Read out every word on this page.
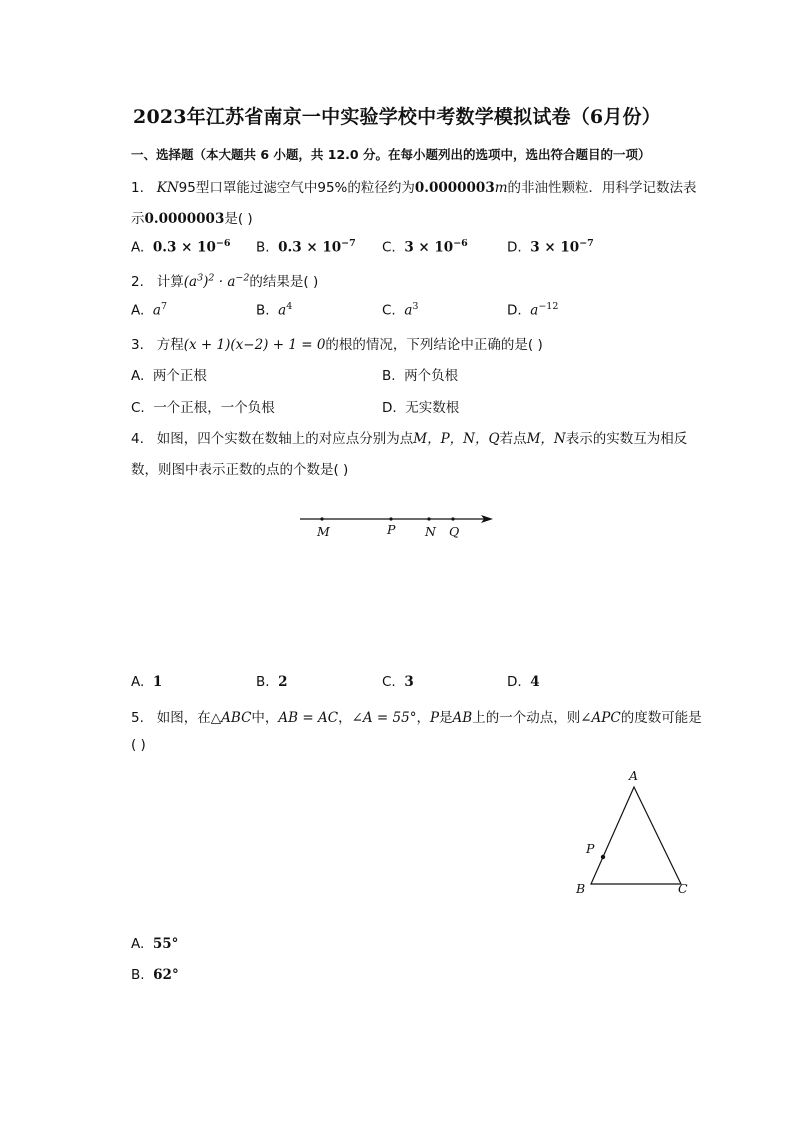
2023年江苏省南京一中实验学校中考数学模拟试卷（6月份）
一、选择题（本大题共 6 小题，共 12.0 分。在每小题列出的选项中，选出符合题目的一项）
1. KN95型口罩能过滤空气中95%的粒径约为0.0000003m的非油性颗粒．用科学记数法表
示0.0000003是( )
A. $0.3 \times 10^{-6}$ B. $0.3 \times 10^{-7}$ C. $3 \times 10^{-6}$	D. $3 \times 10^{-7}$
2. 计算$(a^3)^2 \cdot a^{-2}$的结果是( )
A. $a^7$	B. $a^4$	C. $a^3$	D. $a^{-12}$
3. 方程(x + 1)(x−2) + 1 = 0的根的情况，下列结论中正确的是( )
A. 两个正根	B. 两个负根
C. 一个正根，一个负根	D. 无实数根
4. 如图，四个实数在数轴上的对应点分别为点M，P，N，Q若点M，N表示的实数互为相反
数，则图中表示正数的点的个数是( )
M	P N Q
A. 1	B. 2	C. 3	D. 4
5. 如图，在△ABC中，AB = AC，∠A = 55°，P是AB上的一个动点，则∠APC的度数可能是
( )
A
P
B	C
A. 55°
B. 62°
